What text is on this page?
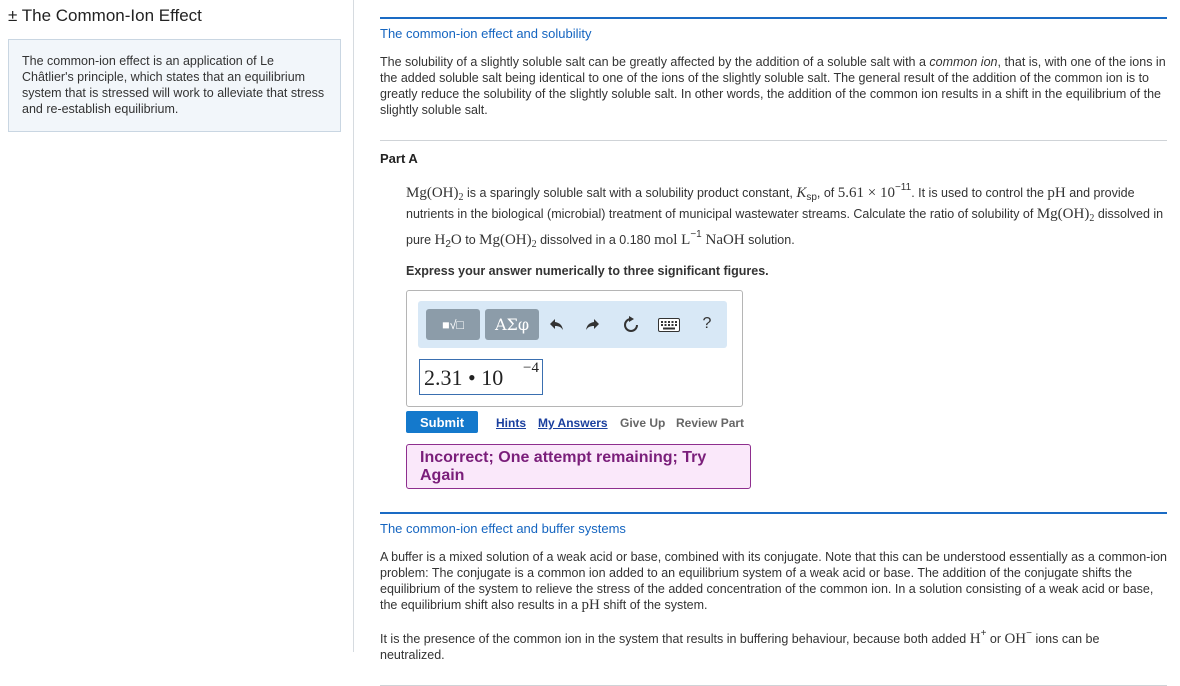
± The Common-Ion Effect
The common-ion effect is an application of Le Châtlier's principle, which states that an equilibrium system that is stressed will work to alleviate that stress and re-establish equilibrium.
The common-ion effect and solubility
The solubility of a slightly soluble salt can be greatly affected by the addition of a soluble salt with a common ion, that is, with one of the ions in the added soluble salt being identical to one of the ions of the slightly soluble salt. The general result of the addition of the common ion is to greatly reduce the solubility of the slightly soluble salt. In other words, the addition of the common ion results in a shift in the equilibrium of the slightly soluble salt.
Part A
$Mg(OH)_2$ is a sparingly soluble salt with a solubility product constant, $K_{sp}$, of $5.61 \times 10^{-11}$. It is used to control the pH and provide nutrients in the biological (microbial) treatment of municipal wastewater streams. Calculate the ratio of solubility of $Mg(OH)_2$ dissolved in pure $H_2O$ to $Mg(OH)_2$ dissolved in a 0.180 mol $L^{-1}$ NaOH solution.
Express your answer numerically to three significant figures.
■√□	ΑΣφ	?
2.31 • 10 −4
Submit	Hints My Answers Give Up Review Part
Incorrect; One attempt remaining; Try Again
The common-ion effect and buffer systems
A buffer is a mixed solution of a weak acid or base, combined with its conjugate. Note that this can be understood essentially as a common-ion problem: The conjugate is a common ion added to an equilibrium system of a weak acid or base. The addition of the conjugate shifts the equilibrium of the system to relieve the stress of the added concentration of the common ion. In a solution consisting of a weak acid or base, the equilibrium shift also results in a pH shift of the system.
It is the presence of the common ion in the system that results in buffering behaviour, because both added H+ or OH− ions can be neutralized.
